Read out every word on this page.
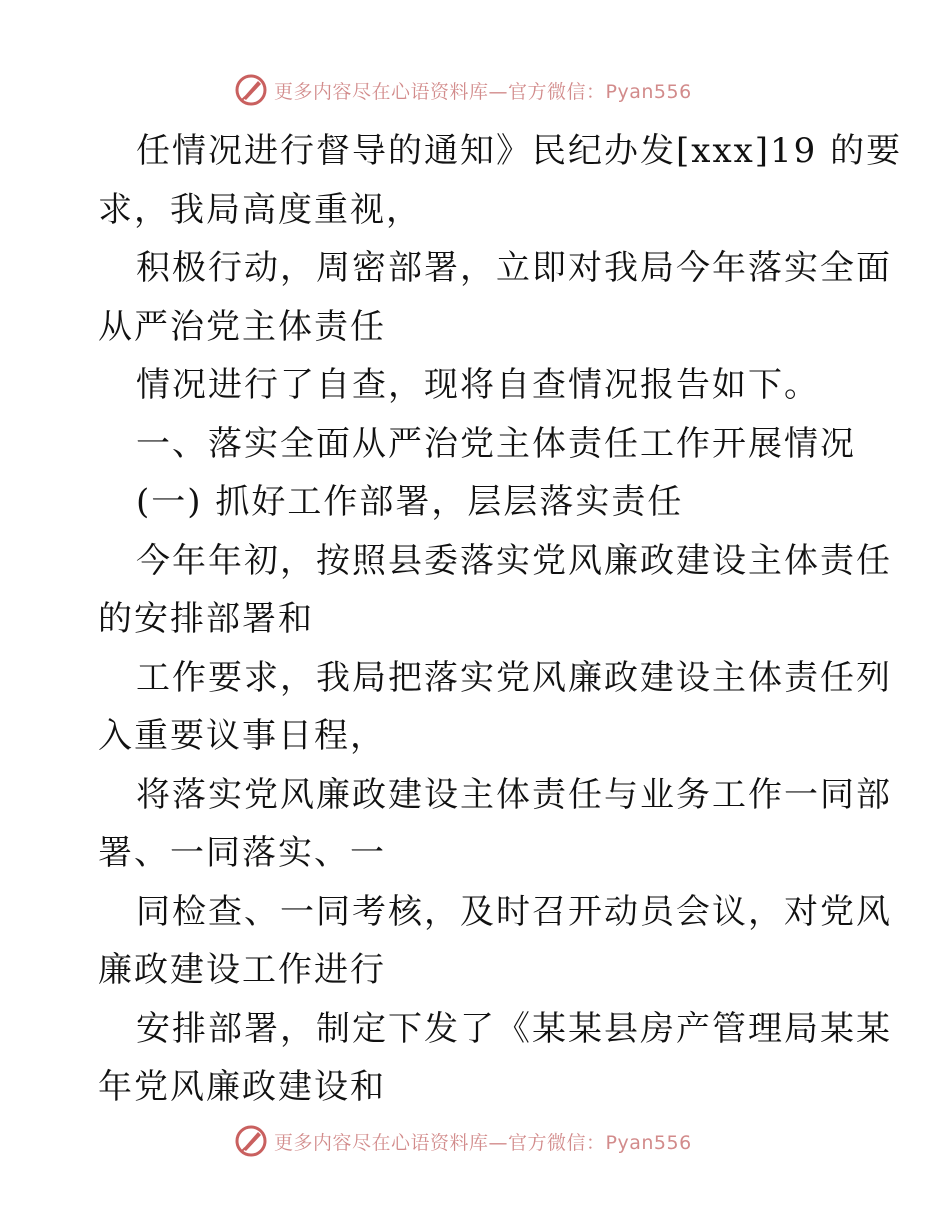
更多内容尽在心语资料库—官方微信：Pyan556
任情况进行督导的通知》民纪办发[xxx]19 的要
求，我局高度重视，
积极行动，周密部署，立即对我局今年落实全面
从严治党主体责任
情况进行了自查，现将自查情况报告如下。
一、落实全面从严治党主体责任工作开展情况
(一) 抓好工作部署，层层落实责任
今年年初，按照县委落实党风廉政建设主体责任
的安排部署和
工作要求，我局把落实党风廉政建设主体责任列
入重要议事日程，
将落实党风廉政建设主体责任与业务工作一同部
署、一同落实、一
同检查、一同考核，及时召开动员会议，对党风
廉政建设工作进行
安排部署，制定下发了《某某县房产管理局某某
年党风廉政建设和
更多内容尽在心语资料库—官方微信：Pyan556
